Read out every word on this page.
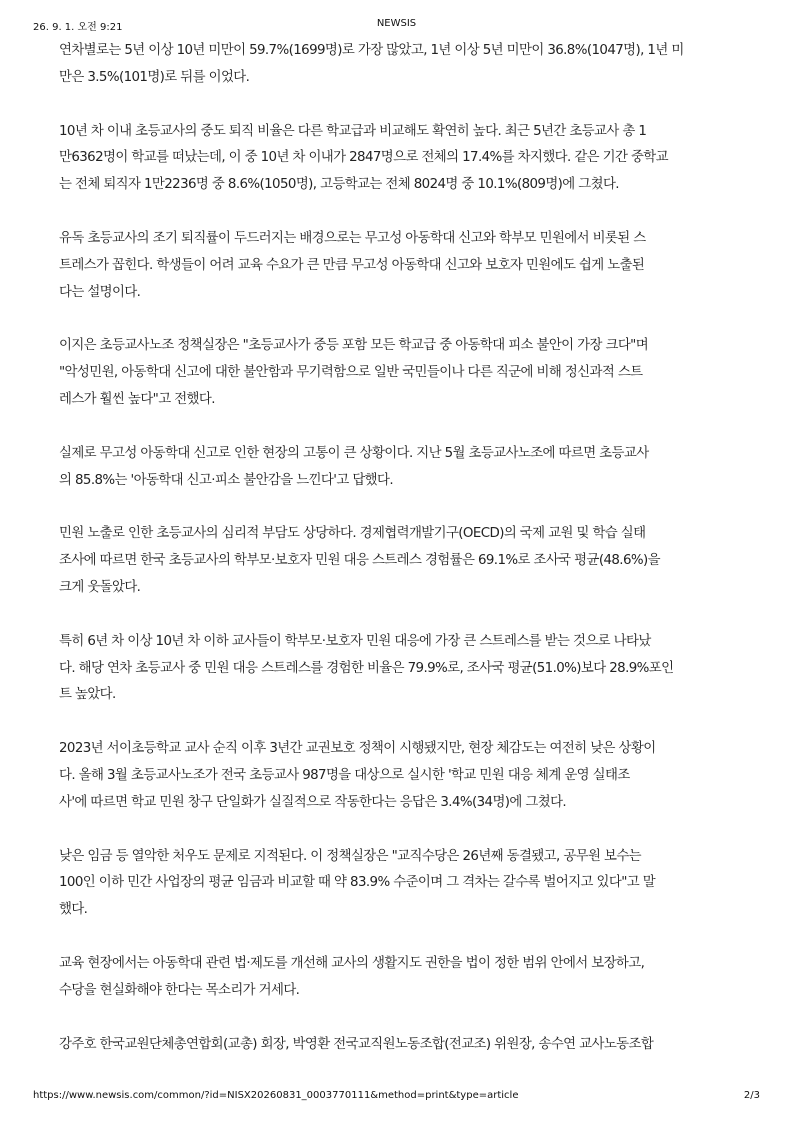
26. 9. 1. 오전 9:21	NEWSIS

연차별로는 5년 이상 10년 미만이 59.7%(1699명)로 가장 많았고, 1년 이상 5년 미만이 36.8%(1047명), 1년 미
만은 3.5%(101명)로 뒤를 이었다.

10년 차 이내 초등교사의 중도 퇴직 비율은 다른 학교급과 비교해도 확연히 높다. 최근 5년간 초등교사 총 1
만6362명이 학교를 떠났는데, 이 중 10년 차 이내가 2847명으로 전체의 17.4%를 차지했다. 같은 기간 중학교
는 전체 퇴직자 1만2236명 중 8.6%(1050명), 고등학교는 전체 8024명 중 10.1%(809명)에 그쳤다.

유독 초등교사의 조기 퇴직률이 두드러지는 배경으로는 무고성 아동학대 신고와 학부모 민원에서 비롯된 스
트레스가 꼽힌다. 학생들이 어려 교육 수요가 큰 만큼 무고성 아동학대 신고와 보호자 민원에도 쉽게 노출된
다는 설명이다.

이지은 초등교사노조 정책실장은 "초등교사가 중등 포함 모든 학교급 중 아동학대 피소 불안이 가장 크다"며
"악성민원, 아동학대 신고에 대한 불안함과 무기력함으로 일반 국민들이나 다른 직군에 비해 정신과적 스트
레스가 훨씬 높다"고 전했다.

실제로 무고성 아동학대 신고로 인한 현장의 고통이 큰 상황이다. 지난 5월 초등교사노조에 따르면 초등교사
의 85.8%는 '아동학대 신고·피소 불안감을 느낀다'고 답했다.

민원 노출로 인한 초등교사의 심리적 부담도 상당하다. 경제협력개발기구(OECD)의 국제 교원 및 학습 실태
조사에 따르면 한국 초등교사의 학부모·보호자 민원 대응 스트레스 경험률은 69.1%로 조사국 평균(48.6%)을
크게 웃돌았다.

특히 6년 차 이상 10년 차 이하 교사들이 학부모·보호자 민원 대응에 가장 큰 스트레스를 받는 것으로 나타났
다. 해당 연차 초등교사 중 민원 대응 스트레스를 경험한 비율은 79.9%로, 조사국 평균(51.0%)보다 28.9%포인
트 높았다.

2023년 서이초등학교 교사 순직 이후 3년간 교권보호 정책이 시행됐지만, 현장 체감도는 여전히 낮은 상황이
다. 올해 3월 초등교사노조가 전국 초등교사 987명을 대상으로 실시한 '학교 민원 대응 체계 운영 실태조
사'에 따르면 학교 민원 창구 단일화가 실질적으로 작동한다는 응답은 3.4%(34명)에 그쳤다.

낮은 임금 등 열악한 처우도 문제로 지적된다. 이 정책실장은 "교직수당은 26년째 동결됐고, 공무원 보수는
100인 이하 민간 사업장의 평균 임금과 비교할 때 약 83.9% 수준이며 그 격차는 갈수록 벌어지고 있다"고 말
했다.

교육 현장에서는 아동학대 관련 법·제도를 개선해 교사의 생활지도 권한을 법이 정한 범위 안에서 보장하고,
수당을 현실화해야 한다는 목소리가 거세다.

강주호 한국교원단체총연합회(교총) 회장, 박영환 전국교직원노동조합(전교조) 위원장, 송수연 교사노동조합

https://www.newsis.com/common/?id=NISX20260831_0003770111&method=print&type=article	2/3
